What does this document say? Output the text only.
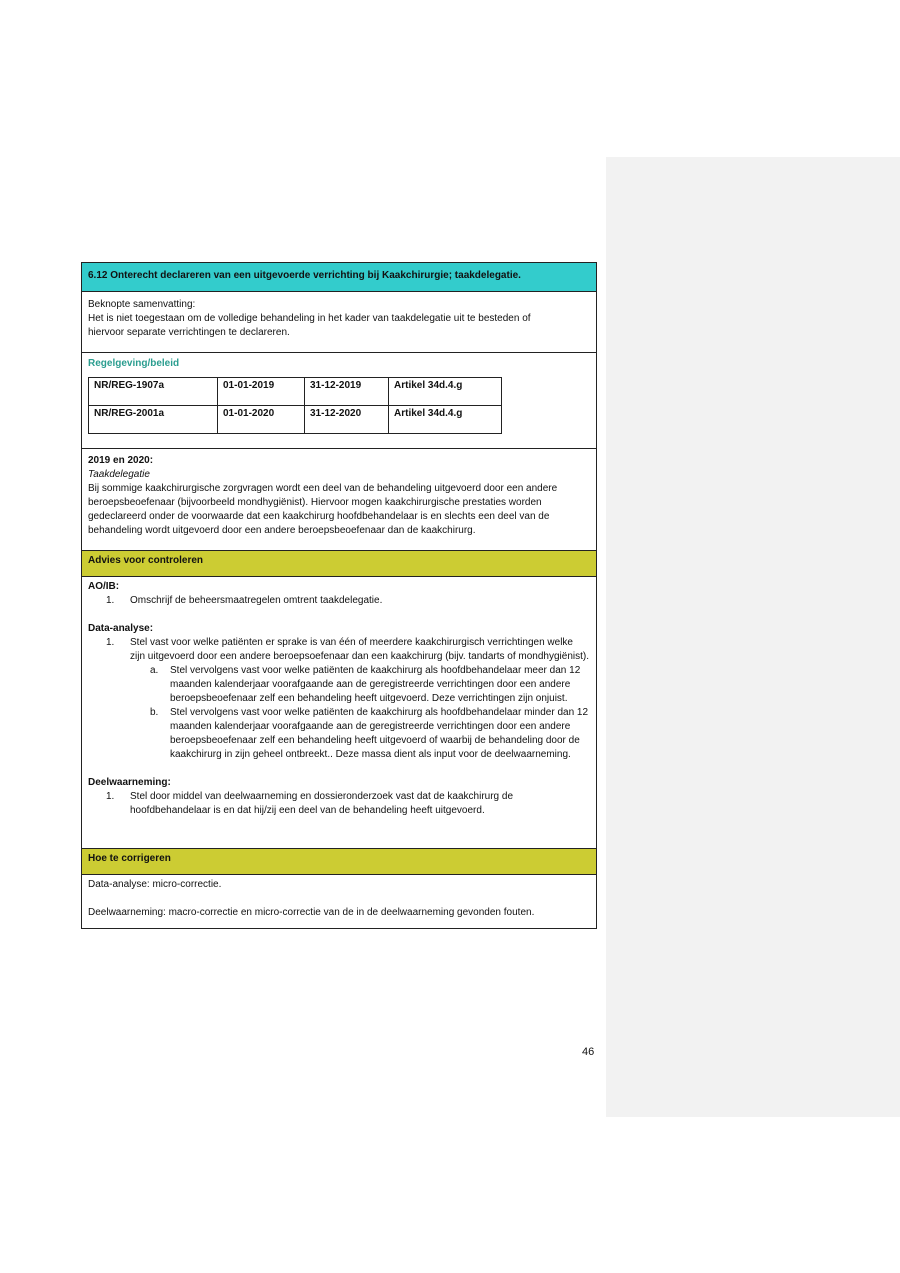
6.12 Onterecht declareren van een uitgevoerde verrichting bij Kaakchirurgie; taakdelegatie.
Beknopte samenvatting:
Het is niet toegestaan om de volledige behandeling in het kader van taakdelegatie uit te besteden of hiervoor separate verrichtingen te declareren.
Regelgeving/beleid
NR/REG-1907a	01-01-2019	31-12-2019	Artikel 34d.4.g
NR/REG-2001a	01-01-2020	31-12-2020	Artikel 34d.4.g
2019 en 2020:
Taakdelegatie
Bij sommige kaakchirurgische zorgvragen wordt een deel van de behandeling uitgevoerd door een andere beroepsbeoefenaar (bijvoorbeeld mondhygiënist). Hiervoor mogen kaakchirurgische prestaties worden gedeclareerd onder de voorwaarde dat een kaakchirurg hoofdbehandelaar is en slechts een deel van de behandeling wordt uitgevoerd door een andere beroepsbeoefenaar dan de kaakchirurg.
Advies voor controleren
AO/IB:
1. Omschrijf de beheersmaatregelen omtrent taakdelegatie.
Data-analyse:
1. Stel vast voor welke patiënten er sprake is van één of meerdere kaakchirurgisch verrichtingen welke zijn uitgevoerd door een andere beroepsoefenaar dan een kaakchirurg (bijv. tandarts of mondhygiënist).
a. Stel vervolgens vast voor welke patiënten de kaakchirurg als hoofdbehandelaar meer dan 12 maanden kalenderjaar voorafgaande aan de geregistreerde verrichtingen door een andere beroepsbeoefenaar zelf een behandeling heeft uitgevoerd. Deze verrichtingen zijn onjuist.
b. Stel vervolgens vast voor welke patiënten de kaakchirurg als hoofdbehandelaar minder dan 12 maanden kalenderjaar voorafgaande aan de geregistreerde verrichtingen door een andere beroepsbeoefenaar zelf een behandeling heeft uitgevoerd of waarbij de behandeling door de kaakchirurg in zijn geheel ontbreekt.. Deze massa dient als input voor de deelwaarneming.
Deelwaarneming:
1. Stel door middel van deelwaarneming en dossieronderzoek vast dat de kaakchirurg de hoofdbehandelaar is en dat hij/zij een deel van de behandeling heeft uitgevoerd.
Hoe te corrigeren
Data-analyse: micro-correctie.
Deelwaarneming: macro-correctie en micro-correctie van de in de deelwaarneming gevonden fouten.
46
